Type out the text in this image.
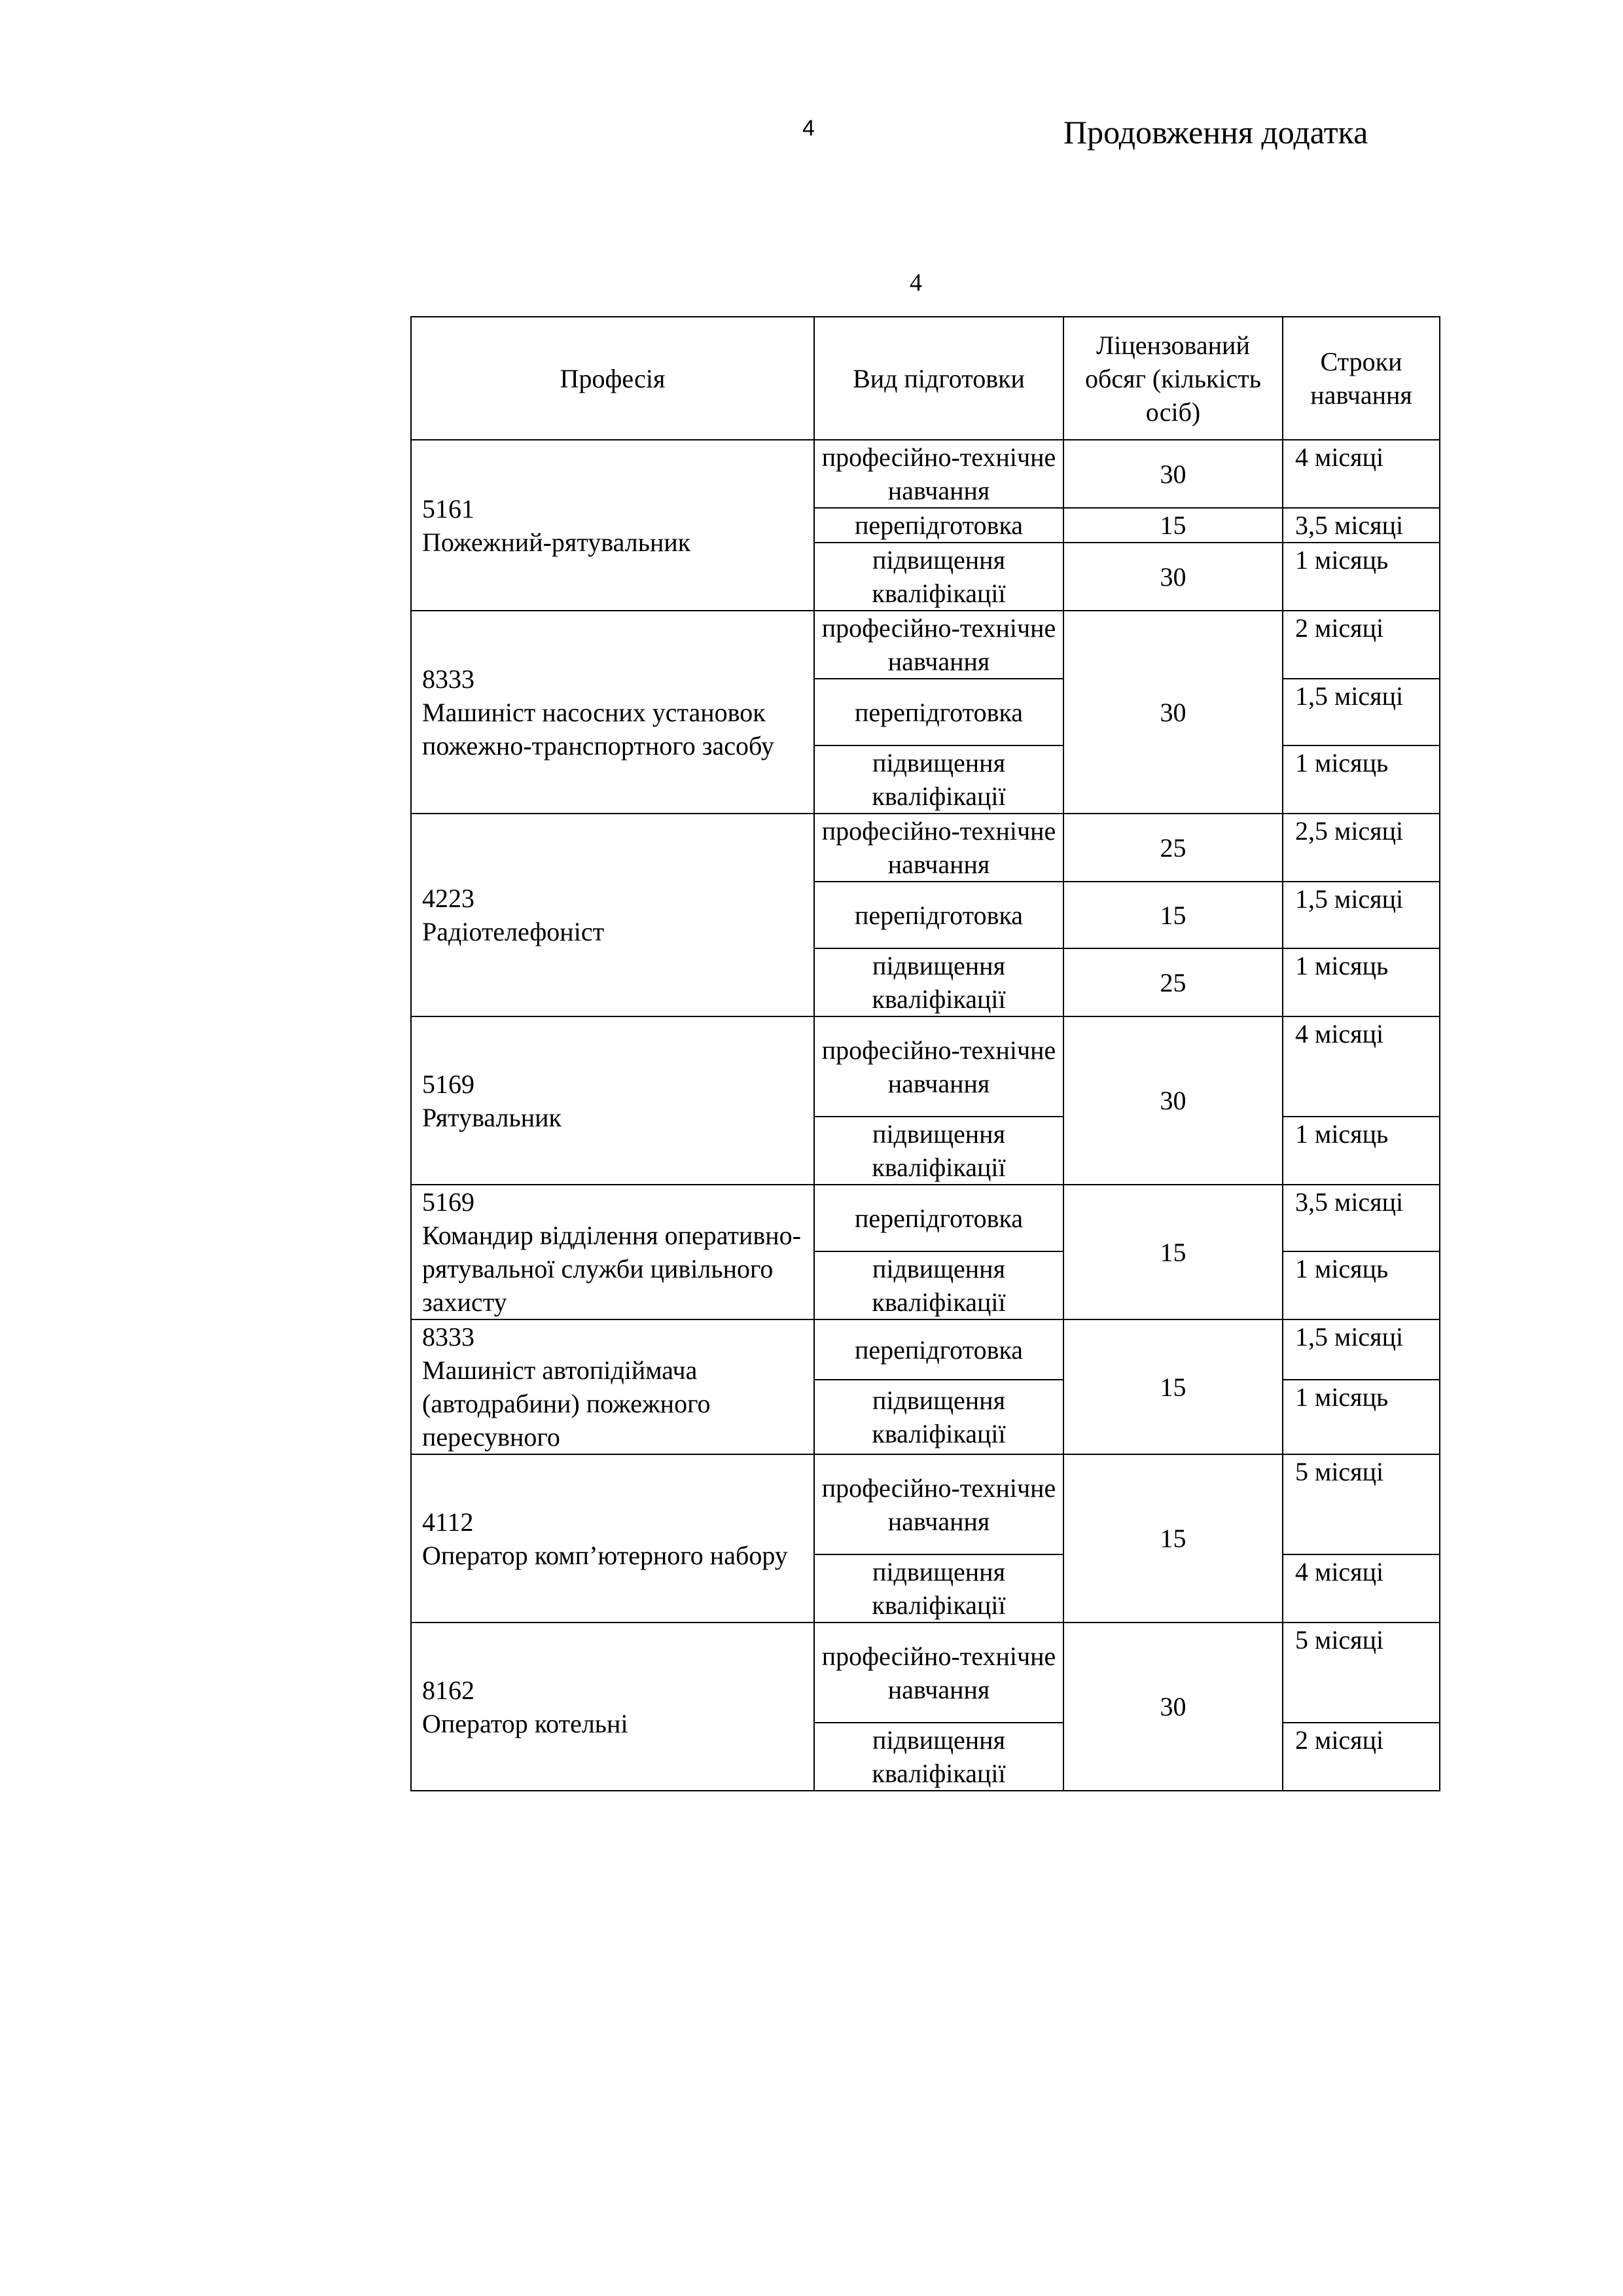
4	Продовження додатка
4
Професія	Вид підготовки	Ліцензований обсяг (кількість осіб)	Строки навчання

5161
Пожежний-рятувальник	професійно-технічне навчання	30	4 місяці
	перепідготовка	15	3,5 місяці
	підвищення кваліфікації	30	1 місяць

8333
Машиніст насосних установок пожежно-транспортного засобу	професійно-технічне навчання	30	2 місяці
	перепідготовка		1,5 місяці
	підвищення кваліфікації		1 місяць

4223
Радіотелефоніст	професійно-технічне навчання	25	2,5 місяці
	перепідготовка	15	1,5 місяці
	підвищення кваліфікації	25	1 місяць

5169
Рятувальник	професійно-технічне навчання	30	4 місяці
	підвищення кваліфікації		1 місяць

5169
Командир відділення оперативно-рятувальної служби цивільного захисту	перепідготовка	15	3,5 місяці
	підвищення кваліфікації		1 місяць

8333
Машиніст автопідіймача (автодрабини) пожежного пересувного	перепідготовка	15	1,5 місяці
	підвищення кваліфікації		1 місяць

4112
Оператор комп’ютерного набору	професійно-технічне навчання	15	5 місяці
	підвищення кваліфікації		4 місяці

8162
Оператор котельні	професійно-технічне навчання	30	5 місяці
	підвищення кваліфікації		2 місяці
